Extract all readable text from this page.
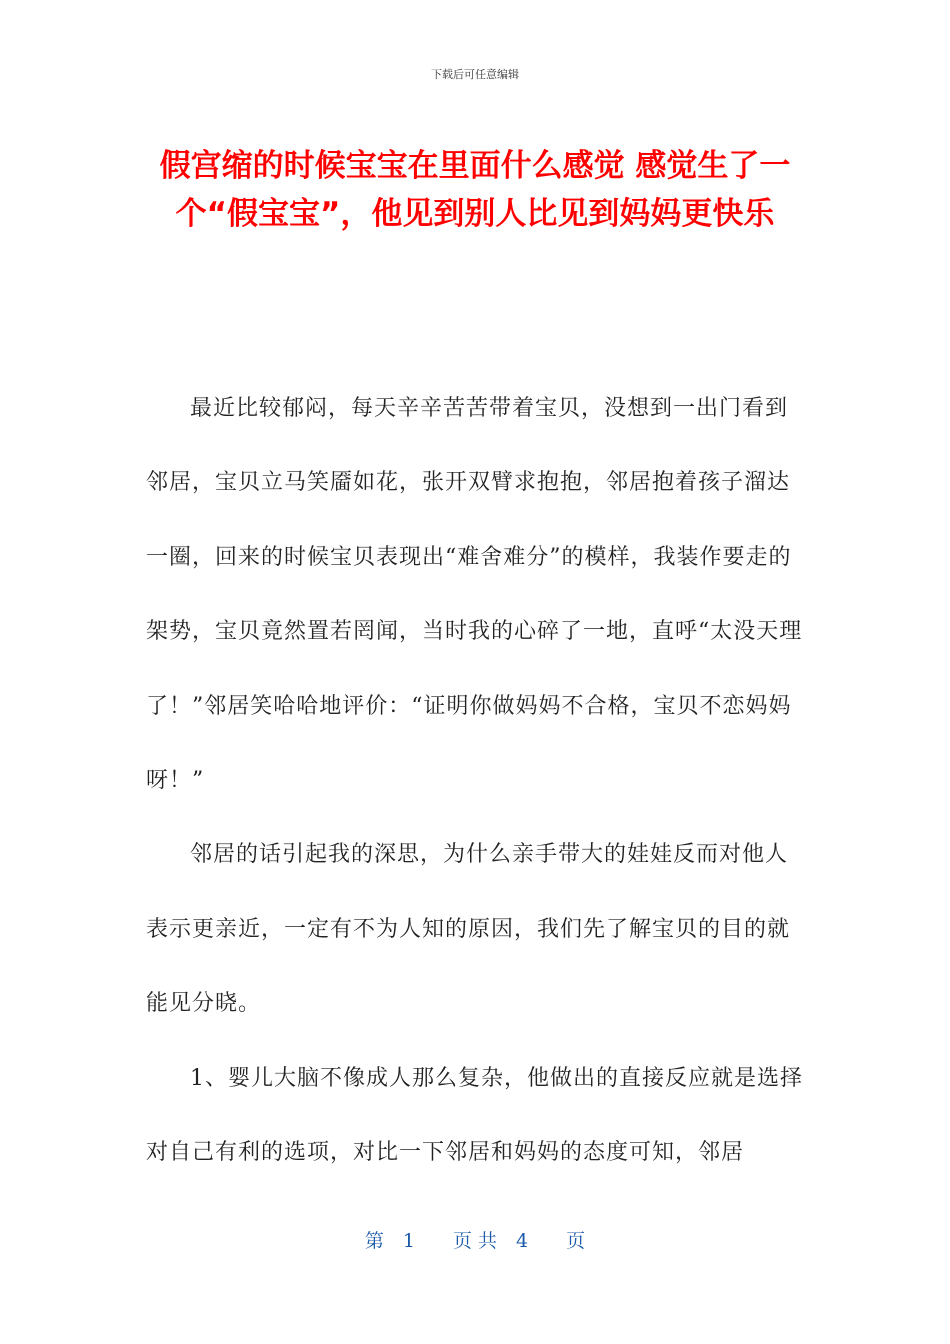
下载后可任意编辑
假宫缩的时候宝宝在里面什么感觉 感觉生了一个“假宝宝”，他见到别人比见到妈妈更快乐

最近比较郁闷，每天辛辛苦苦带着宝贝，没想到一出门看到邻居，宝贝立马笑靥如花，张开双臂求抱抱，邻居抱着孩子溜达一圈，回来的时候宝贝表现出“难舍难分”的模样，我装作要走的架势，宝贝竟然置若罔闻，当时我的心碎了一地，直呼“太没天理了！”邻居笑哈哈地评价：“证明你做妈妈不合格，宝贝不恋妈妈呀！”

邻居的话引起我的深思，为什么亲手带大的娃娃反而对他人表示更亲近，一定有不为人知的原因，我们先了解宝贝的目的就能见分晓。

1、婴儿大脑不像成人那么复杂，他做出的直接反应就是选择对自己有利的选项，对比一下邻居和妈妈的态度可知，邻居

第　1　　页 共　4　　页
